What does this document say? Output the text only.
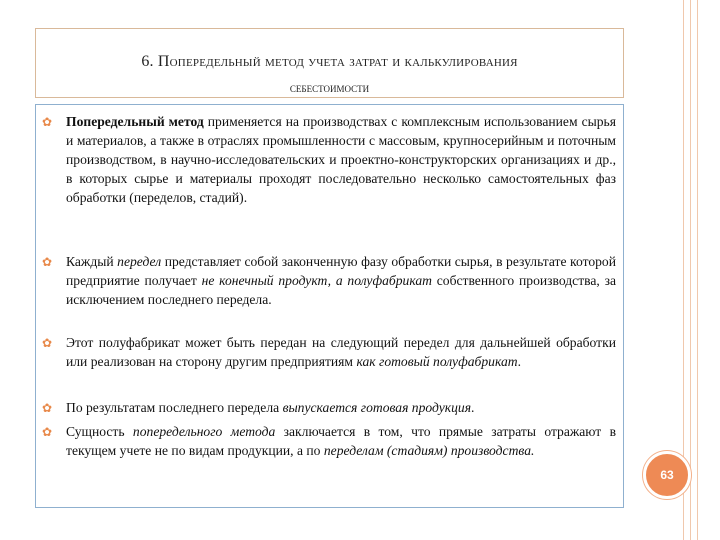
6. Попередельный метод учета затрат и калькулирования
себестоимости
✿ Попередельный метод применяется на производствах с комплексным использованием сырья и материалов, а также в отраслях промышленности с массовым, крупносерийным и поточным производством, в научно-исследовательских и проектно-конструкторских организациях и др., в которых сырье и материалы проходят последовательно несколько самостоятельных фаз обработки (переделов, стадий).
✿ Каждый передел представляет собой законченную фазу обработки сырья, в результате которой предприятие получает не конечный продукт, а полуфабрикат собственного производства, за исключением последнего передела.
✿ Этот полуфабрикат может быть передан на следующий передел для дальнейшей обработки или реализован на сторону другим предприятиям как готовый полуфабрикат.
✿ По результатам последнего передела выпускается готовая продукция.
✿ Сущность попередельного метода заключается в том, что прямые затраты отражают в текущем учете не по видам продукции, а по переделам (стадиям) производства.
63
